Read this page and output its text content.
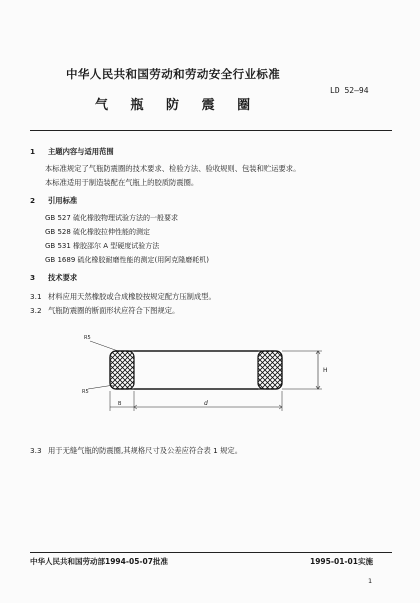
中华人民共和国劳动和劳动安全行业标准
LD 52—94
气 瓶 防 震 圈
1 主题内容与适用范围
本标准规定了气瓶防震圈的技术要求、检验方法、验收规则、包装和贮运要求。
本标准适用于制造装配在气瓶上的胶质防震圈。
2 引用标准
GB 527 硫化橡胶物理试验方法的一般要求
GB 528 硫化橡胶拉伸性能的测定
GB 531 橡胶邵尔 A 型硬度试验方法
GB 1689 硫化橡胶耐磨性能的测定(用阿克隆磨耗机)
3 技术要求
3.1 材料应用天然橡胶或合成橡胶按规定配方压制成型。
3.2 气瓶防震圈的断面形状应符合下图规定。
H
R5
R5
B	d
3.3 用于无缝气瓶的防震圈,其规格尺寸及公差应符合表 1 规定。
中华人民共和国劳动部1994-05-07批准	1995-01-01实施
1
